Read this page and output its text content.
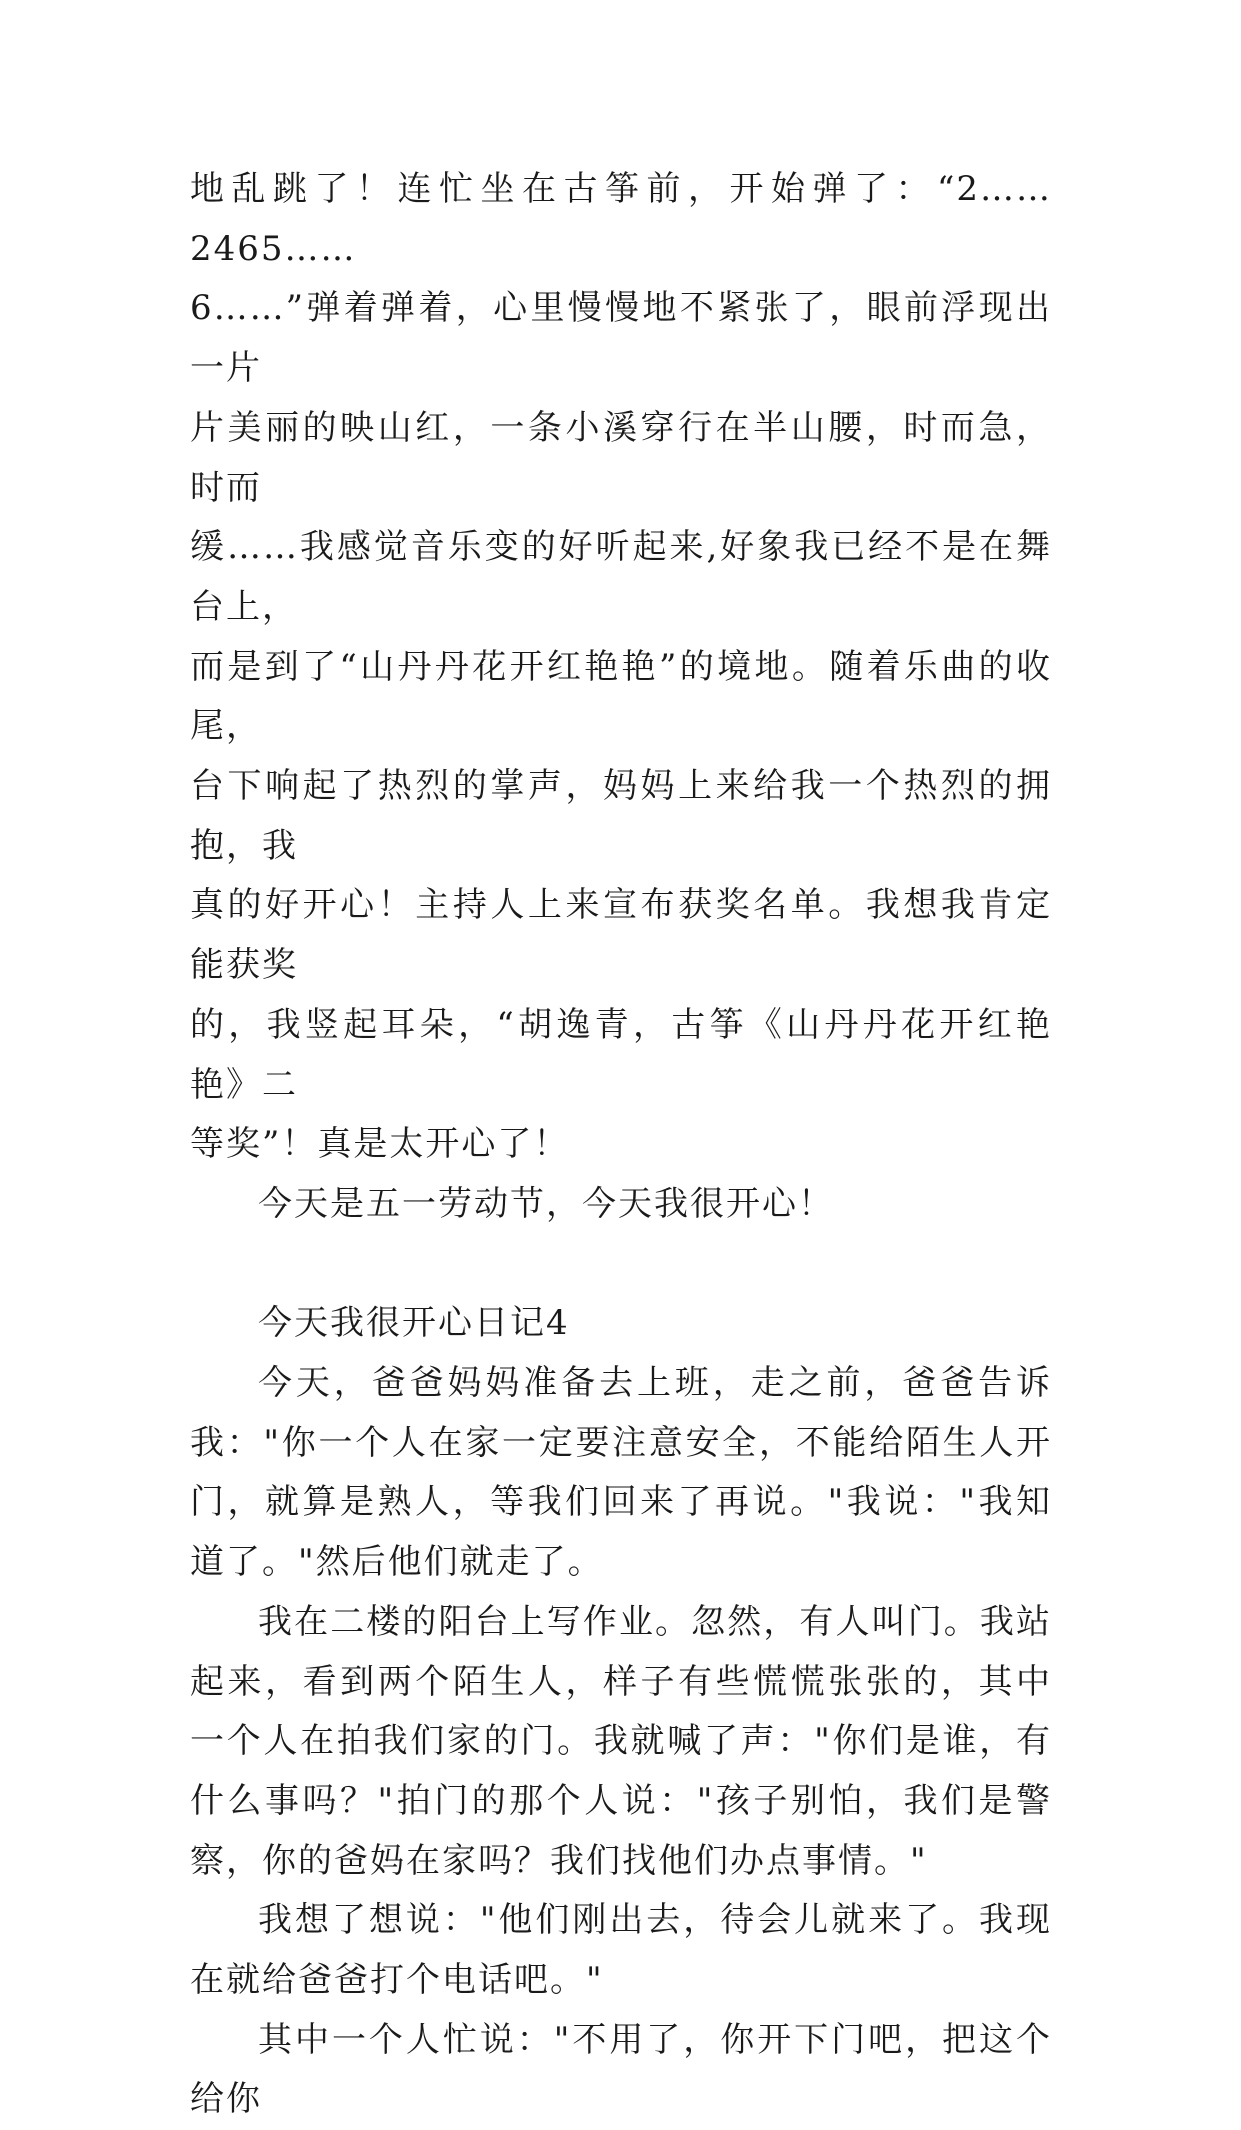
地乱跳了！连忙坐在古筝前，开始弹了：“2……2465……

6……”弹着弹着，心里慢慢地不紧张了，眼前浮现出一片

片美丽的映山红，一条小溪穿行在半山腰，时而急，时而

缓……我感觉音乐变的好听起来,好象我已经不是在舞台上，

而是到了“山丹丹花开红艳艳”的境地。随着乐曲的收尾，

台下响起了热烈的掌声，妈妈上来给我一个热烈的拥抱，我

真的好开心！主持人上来宣布获奖名单。我想我肯定能获奖

的，我竖起耳朵，“胡逸青，古筝《山丹丹花开红艳艳》二

等奖”！真是太开心了！

今天是五一劳动节，今天我很开心！

今天我很开心日记4

今天，爸爸妈妈准备去上班，走之前，爸爸告诉我："你一个人在家一定要注意安全，不能给陌生人开门，就算是熟人，等我们回来了再说。"我说："我知道了。"然后他们就走了。

我在二楼的阳台上写作业。忽然，有人叫门。我站起来，看到两个陌生人，样子有些慌慌张张的，其中一个人在拍我们家的门。我就喊了声："你们是谁，有什么事吗？"拍门的那个人说："孩子别怕，我们是警察，你的爸妈在家吗？我们找他们办点事情。"

我想了想说："他们刚出去，待会儿就来了。我现在就给爸爸打个电话吧。"

其中一个人忙说："不用了，你开下门吧，把这个给你
